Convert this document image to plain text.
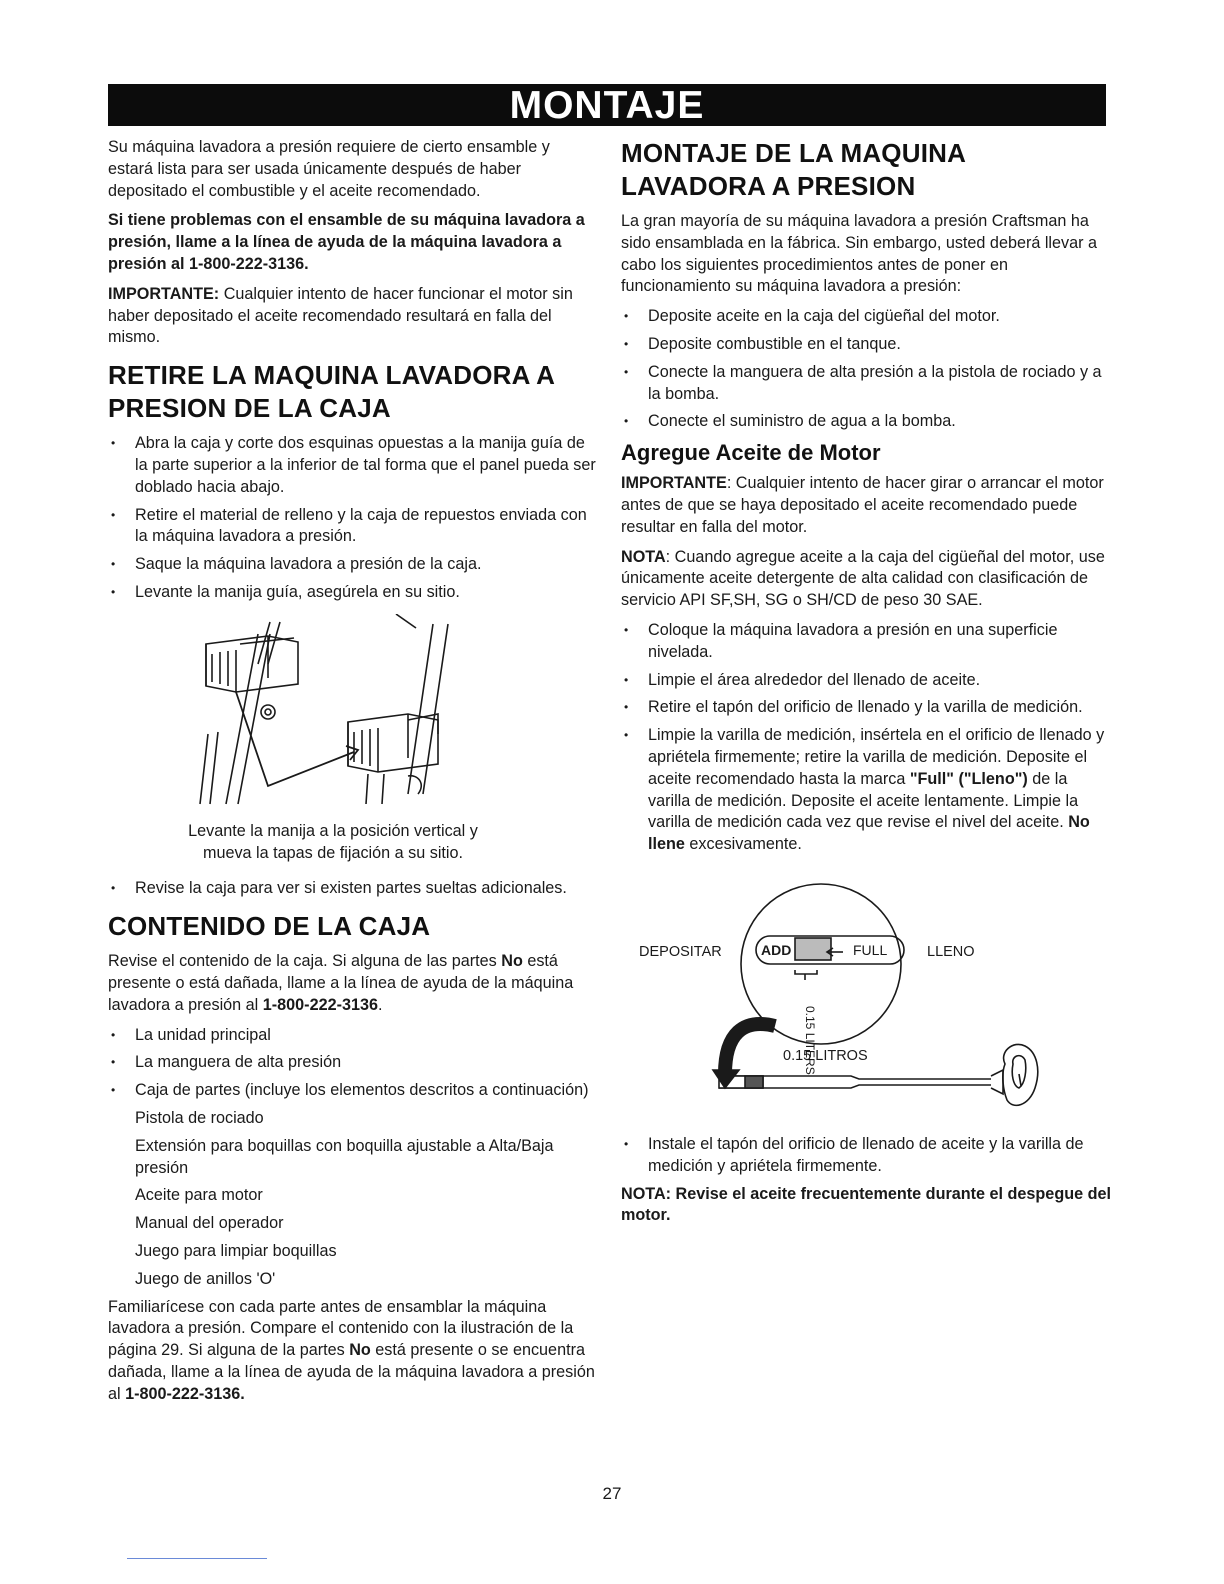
MONTAJE

Su máquina lavadora a presión requiere de cierto ensamble y estará lista para ser usada únicamente después de haber depositado el combustible y el aceite recomendado.

Si tiene problemas con el ensamble de su máquina lavadora a presión, llame a la línea de ayuda de la máquina lavadora a presión al 1-800-222-3136.

IMPORTANTE: Cualquier intento de hacer funcionar el motor sin haber depositado el aceite recomendado resultará en falla del mismo.

RETIRE LA MAQUINA LAVADORA A PRESION DE LA CAJA
• Abra la caja y corte dos esquinas opuestas a la manija guía de la parte superior a la inferior de tal forma que el panel pueda ser doblado hacia abajo.
• Retire el material de relleno y la caja de repuestos enviada con la máquina lavadora a presión.
• Saque la máquina lavadora a presión de la caja.
• Levante la manija guía, asegúrela en su sitio.
Levante la manija a la posición vertical y
mueva la tapas de fijación a su sitio.
• Revise la caja para ver si existen partes sueltas adicionales.
CONTENIDO DE LA CAJA

Revise el contenido de la caja. Si alguna de las partes No está presente o está dañada, llame a la línea de ayuda de la máquina lavadora a presión al 1-800-222-3136.

• La unidad principal
• La manguera de alta presión
• Caja de partes (incluye los elementos descritos a continuación)
Pistola de rociado
Extensión para boquillas con boquilla ajustable a Alta/Baja presión
Aceite para motor
Manual del operador
Juego para limpiar boquillas
Juego de anillos 'O'

Familiarícese con cada parte antes de ensamblar la máquina lavadora a presión. Compare el contenido con la ilustración de la página 29. Si alguna de la partes No está presente o se encuentra dañada, llame a la línea de ayuda de la máquina lavadora a presión al 1-800-222-3136.

MONTAJE DE LA MAQUINA LAVADORA A PRESION

La gran mayoría de su máquina lavadora a presión Craftsman ha sido ensamblada en la fábrica. Sin embargo, usted deberá llevar a cabo los siguientes procedimientos antes de poner en funcionamiento su máquina lavadora a presión:

• Deposite aceite en la caja del cigüeñal del motor.
• Deposite combustible en el tanque.
• Conecte la manguera de alta presión a la pistola de rociado y a la bomba.
• Conecte el suministro de agua a la bomba.
Agregue Aceite de Motor

IMPORTANTE: Cualquier intento de hacer girar o arrancar el motor antes de que se haya depositado el aceite recomendado puede resultar en falla del motor.

NOTA: Cuando agregue aceite a la caja del cigüeñal del motor, use únicamente aceite detergente de alta calidad con clasificación de servicio API SF,SH, SG o SH/CD de peso 30 SAE.

• Coloque la máquina lavadora a presión en una superficie nivelada.
• Limpie el área alrededor del llenado de aceite.
• Retire el tapón del orificio de llenado y la varilla de medición.
• Limpie la varilla de medición, insértela en el orificio de llenado y apriétela firmemente; retire la varilla de medición. Deposite el aceite recomendado hasta la marca "Full" ("Lleno") de la varilla de medición. Deposite el aceite lentamente. Limpie la varilla de medición cada vez que revise el nivel del aceite. No llene excesivamente.
DEPOSITAR	LLENO
ADD	FULL
0.15 LITERS
0.15 LITROS
• Instale el tapón del orificio de llenado de aceite y la varilla de medición y apriétela firmemente.

NOTA: Revise el aceite frecuentemente durante el despegue del motor.

27
